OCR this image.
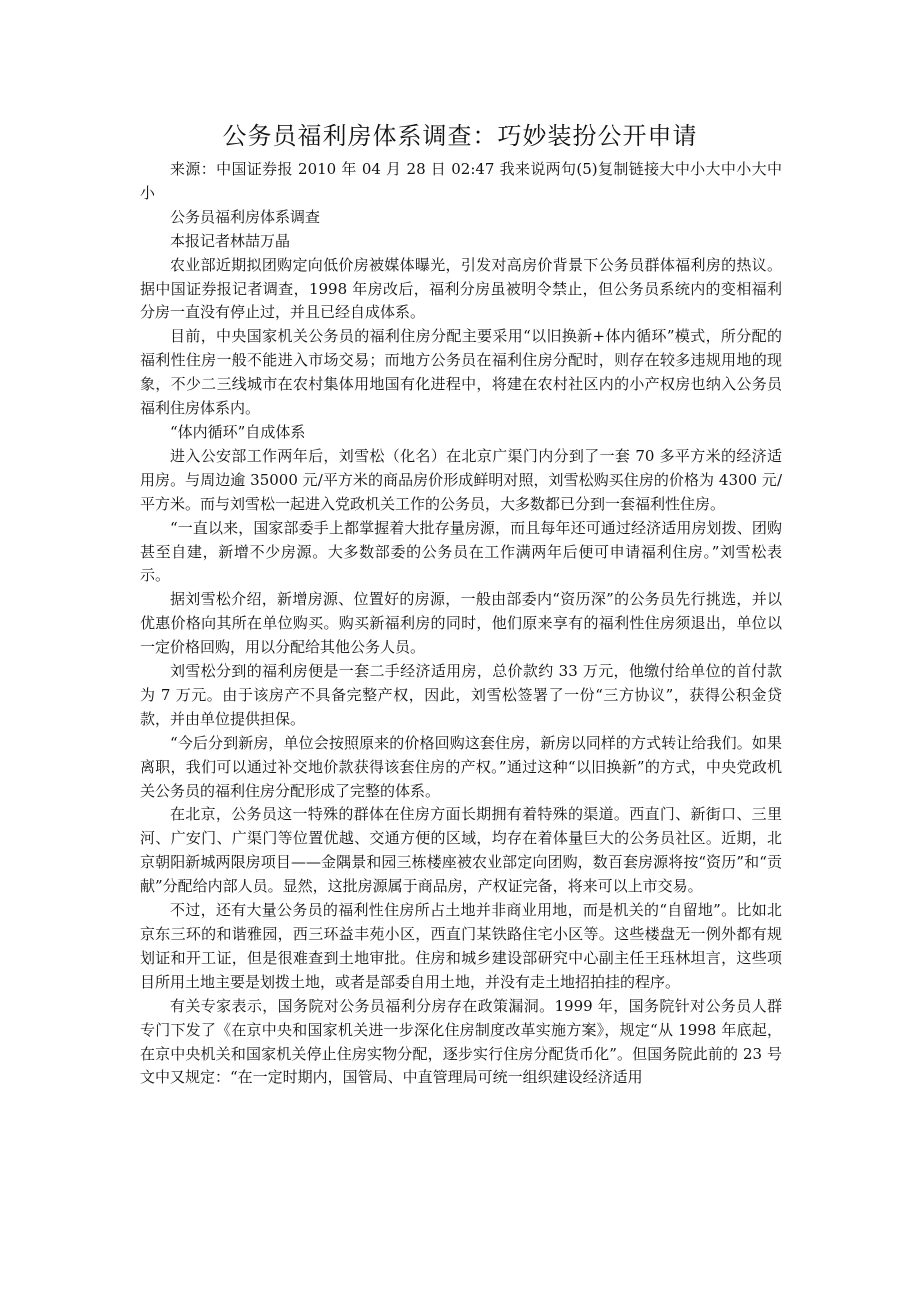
公务员福利房体系调查：巧妙装扮公开申请

来源：中国证券报 2010 年 04 月 28 日 02:47 我来说两句(5)复制链接大中小大中小大中小

公务员福利房体系调查

本报记者林喆万晶

农业部近期拟团购定向低价房被媒体曝光，引发对高房价背景下公务员群体福利房的热议。据中国证券报记者调查，1998 年房改后，福利分房虽被明令禁止，但公务员系统内的变相福利分房一直没有停止过，并且已经自成体系。

目前，中央国家机关公务员的福利住房分配主要采用“以旧换新+体内循环”模式，所分配的福利性住房一般不能进入市场交易；而地方公务员在福利住房分配时，则存在较多违规用地的现象，不少二三线城市在农村集体用地国有化进程中，将建在农村社区内的小产权房也纳入公务员福利住房体系内。

“体内循环”自成体系

进入公安部工作两年后，刘雪松（化名）在北京广渠门内分到了一套 70 多平方米的经济适用房。与周边逾 35000 元/平方米的商品房价形成鲜明对照，刘雪松购买住房的价格为 4300 元/平方米。而与刘雪松一起进入党政机关工作的公务员，大多数都已分到一套福利性住房。

“一直以来，国家部委手上都掌握着大批存量房源，而且每年还可通过经济适用房划拨、团购甚至自建，新增不少房源。大多数部委的公务员在工作满两年后便可申请福利住房。”刘雪松表示。

据刘雪松介绍，新增房源、位置好的房源，一般由部委内“资历深”的公务员先行挑选，并以优惠价格向其所在单位购买。购买新福利房的同时，他们原来享有的福利性住房须退出，单位以一定价格回购，用以分配给其他公务人员。

刘雪松分到的福利房便是一套二手经济适用房，总价款约 33 万元，他缴付给单位的首付款为 7 万元。由于该房产不具备完整产权，因此，刘雪松签署了一份“三方协议”，获得公积金贷款，并由单位提供担保。

“今后分到新房，单位会按照原来的价格回购这套住房，新房以同样的方式转让给我们。如果离职，我们可以通过补交地价款获得该套住房的产权。”通过这种“以旧换新”的方式，中央党政机关公务员的福利住房分配形成了完整的体系。

在北京，公务员这一特殊的群体在住房方面长期拥有着特殊的渠道。西直门、新街口、三里河、广安门、广渠门等位置优越、交通方便的区域，均存在着体量巨大的公务员社区。近期，北京朝阳新城两限房项目——金隅景和园三栋楼座被农业部定向团购，数百套房源将按“资历”和“贡献”分配给内部人员。显然，这批房源属于商品房，产权证完备，将来可以上市交易。

不过，还有大量公务员的福利性住房所占土地并非商业用地，而是机关的“自留地”。比如北京东三环的和谐雅园，西三环益丰苑小区，西直门某铁路住宅小区等。这些楼盘无一例外都有规划证和开工证，但是很难查到土地审批。住房和城乡建设部研究中心副主任王珏林坦言，这些项目所用土地主要是划拨土地，或者是部委自用土地，并没有走土地招拍挂的程序。

有关专家表示，国务院对公务员福利分房存在政策漏洞。1999 年，国务院针对公务员人群专门下发了《在京中央和国家机关进一步深化住房制度改革实施方案》，规定“从 1998 年底起，在京中央机关和国家机关停止住房实物分配，逐步实行住房分配货币化”。但国务院此前的 23 号文中又规定：“在一定时期内，国管局、中直管理局可统一组织建设经济适用
